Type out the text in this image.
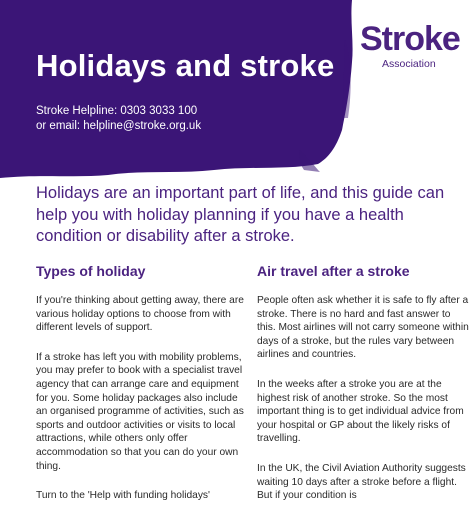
Holidays and stroke
Stroke Helpline: 0303 3033 100
or email: helpline@stroke.org.uk
Stroke
Association

Holidays are an important part of life, and this guide can help you with holiday planning if you have a health condition or disability after a stroke.

Types of holiday

If you're thinking about getting away, there are various holiday options to choose from with different levels of support.

If a stroke has left you with mobility problems, you may prefer to book with a specialist travel agency that can arrange care and equipment for you. Some holiday packages also include an organised programme of activities, such as sports and outdoor activities or visits to local attractions, while others only offer accommodation so that you can do your own thing.

Turn to the 'Help with funding holidays'

Air travel after a stroke

People often ask whether it is safe to fly after a stroke. There is no hard and fast answer to this. Most airlines will not carry someone within days of a stroke, but the rules vary between airlines and countries.

In the weeks after a stroke you are at the highest risk of another stroke. So the most important thing is to get individual advice from your hospital or GP about the likely risks of travelling.

In the UK, the Civil Aviation Authority suggests waiting 10 days after a stroke before a flight. But if your condition is
